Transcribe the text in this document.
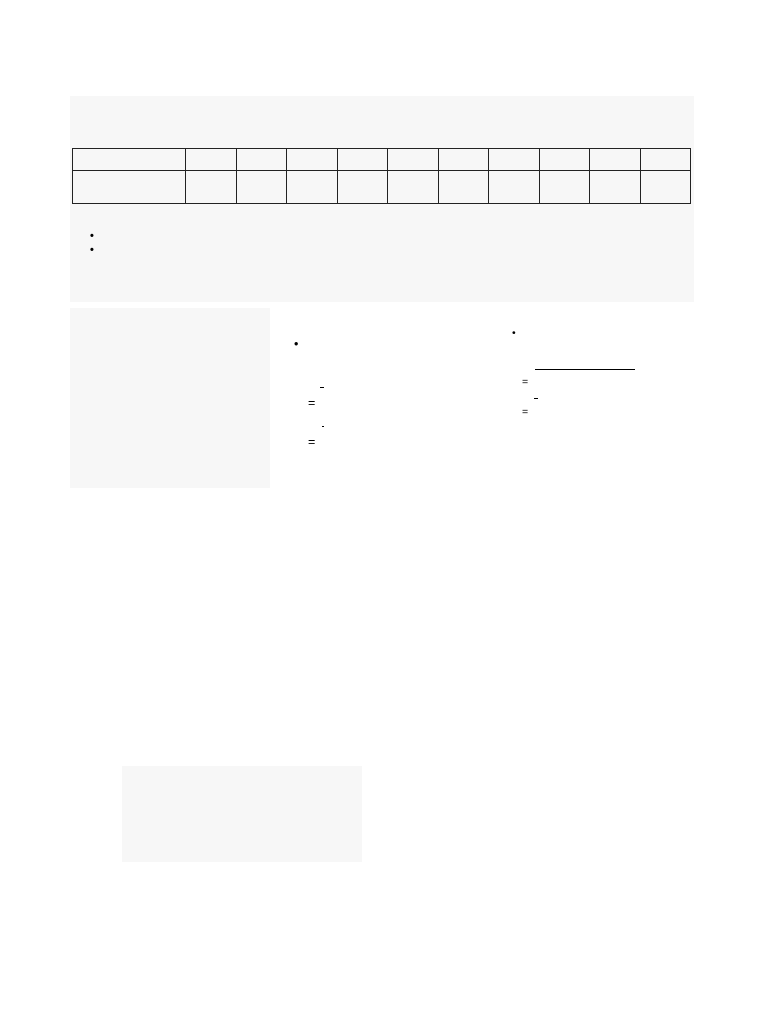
•
•
•
=
=
•
=
=
